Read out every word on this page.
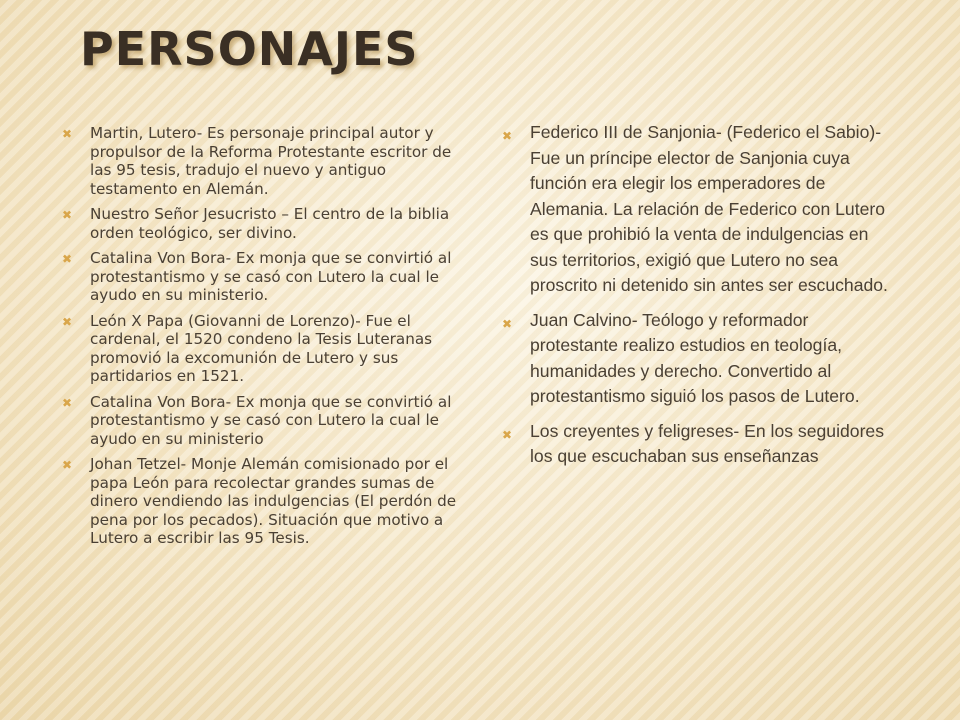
PERSONAJES
✖ Martin, Lutero- Es personaje principal autor y propulsor de la Reforma Protestante escritor de las 95 tesis, tradujo el nuevo y antiguo testamento en Alemán.
✖ Nuestro Señor Jesucristo – El centro de la biblia orden teológico, ser divino.
✖ Catalina Von Bora- Ex monja que se convirtió al protestantismo y se casó con Lutero la cual le ayudo en su ministerio.
✖ León X Papa (Giovanni de Lorenzo)- Fue el cardenal, el 1520 condeno la Tesis Luteranas promovió la excomunión de Lutero y sus partidarios en 1521.
✖ Catalina Von Bora- Ex monja que se convirtió al protestantismo y se casó con Lutero la cual le ayudo en su ministerio
✖ Johan Tetzel- Monje Alemán comisionado por el papa León para recolectar grandes sumas de dinero vendiendo las indulgencias (El perdón de pena por los pecados). Situación que motivo a Lutero a escribir las 95 Tesis.
✖ Federico III de Sanjonia- (Federico el Sabio)- Fue un príncipe elector de Sanjonia cuya función era elegir los emperadores de Alemania. La relación de Federico con Lutero es que prohibió la venta de indulgencias en sus territorios, exigió que Lutero no sea proscrito ni detenido sin antes ser escuchado.
✖ Juan Calvino- Teólogo y reformador protestante realizo estudios en teología, humanidades y derecho. Convertido al protestantismo siguió los pasos de Lutero.
✖ Los creyentes y feligreses- En los seguidores los que escuchaban sus enseñanzas
